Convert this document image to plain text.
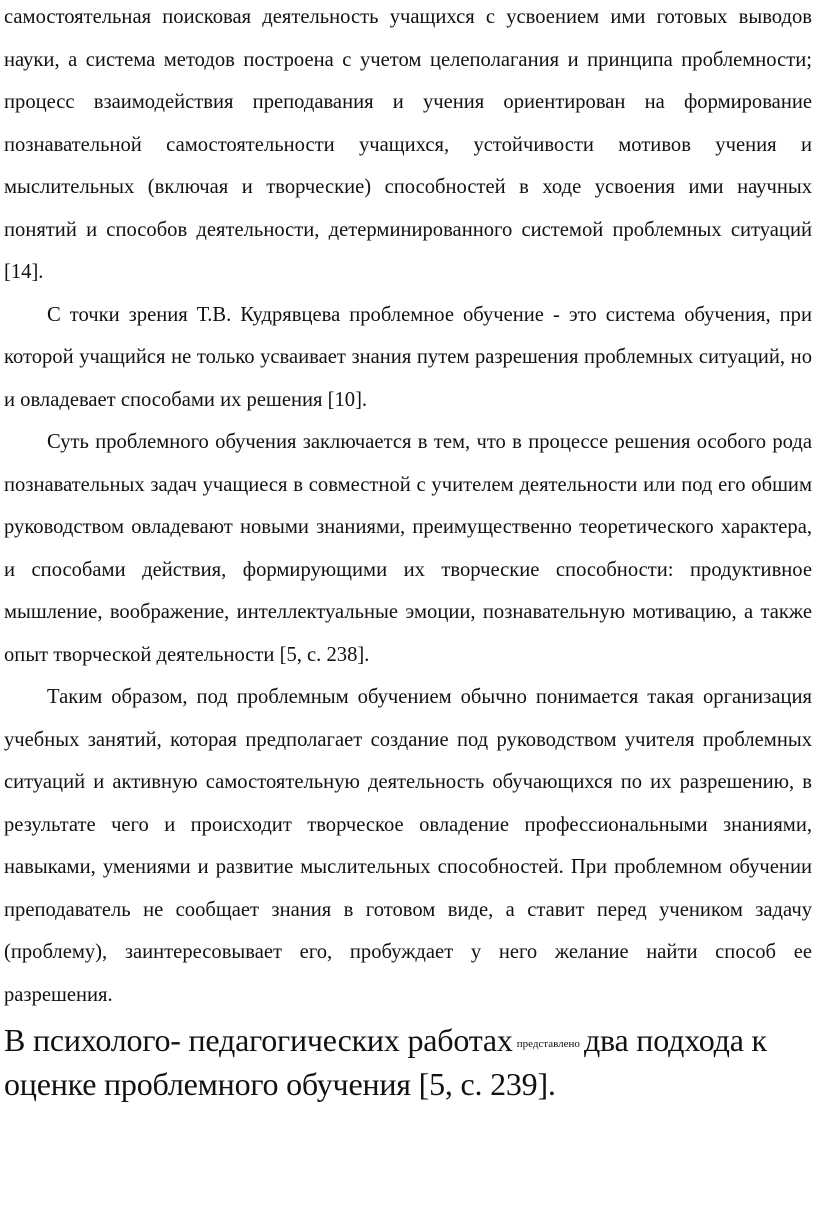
самостоятельная поисковая деятельность учащихся с усвоением ими готовых выводов науки, а система методов построена с учетом целеполагания и принципа проблемности; процесс взаимодействия преподавания и учения ориентирован на формирование познавательной самостоятельности учащихся, устойчивости мотивов учения и мыслительных (включая и творческие) способностей в ходе усвоения ими научных понятий и способов деятельности, детерминированного системой проблемных ситуаций [14].

С точки зрения Т.В. Кудрявцева проблемное обучение - это система обучения, при которой учащийся не только усваивает знания путем разрешения проблемных ситуаций, но и овладевает способами их решения [10].

Суть проблемного обучения заключается в тем, что в процессе решения особого рода познавательных задач учащиеся в совместной с учителем деятельности или под его обшим руководством овладевают новыми знаниями, преимущественно теоретического характера, и способами действия, формирующими их творческие способности: продуктивное мышление, воображение, интеллектуальные эмоции, познавательную мотивацию, а также опыт творческой деятельности [5, с. 238].

Таким образом, под проблемным обучением обычно понимается такая организация учебных занятий, которая предполагает создание под руководством учителя проблемных ситуаций и активную самостоятельную деятельность обучающихся по их разрешению, в результате чего и происходит творческое овладение профессиональными знаниями, навыками, умениями и развитие мыслительных способностей. При проблемном обучении преподаватель не сообщает знания в готовом виде, а ставит перед учеником задачу (проблему), заинтересовывает его, пробуждает у него желание найти способ ее разрешения.

В психолого- педагогических работах представлено два подхода к оценке проблемного обучения [5, с. 239].
